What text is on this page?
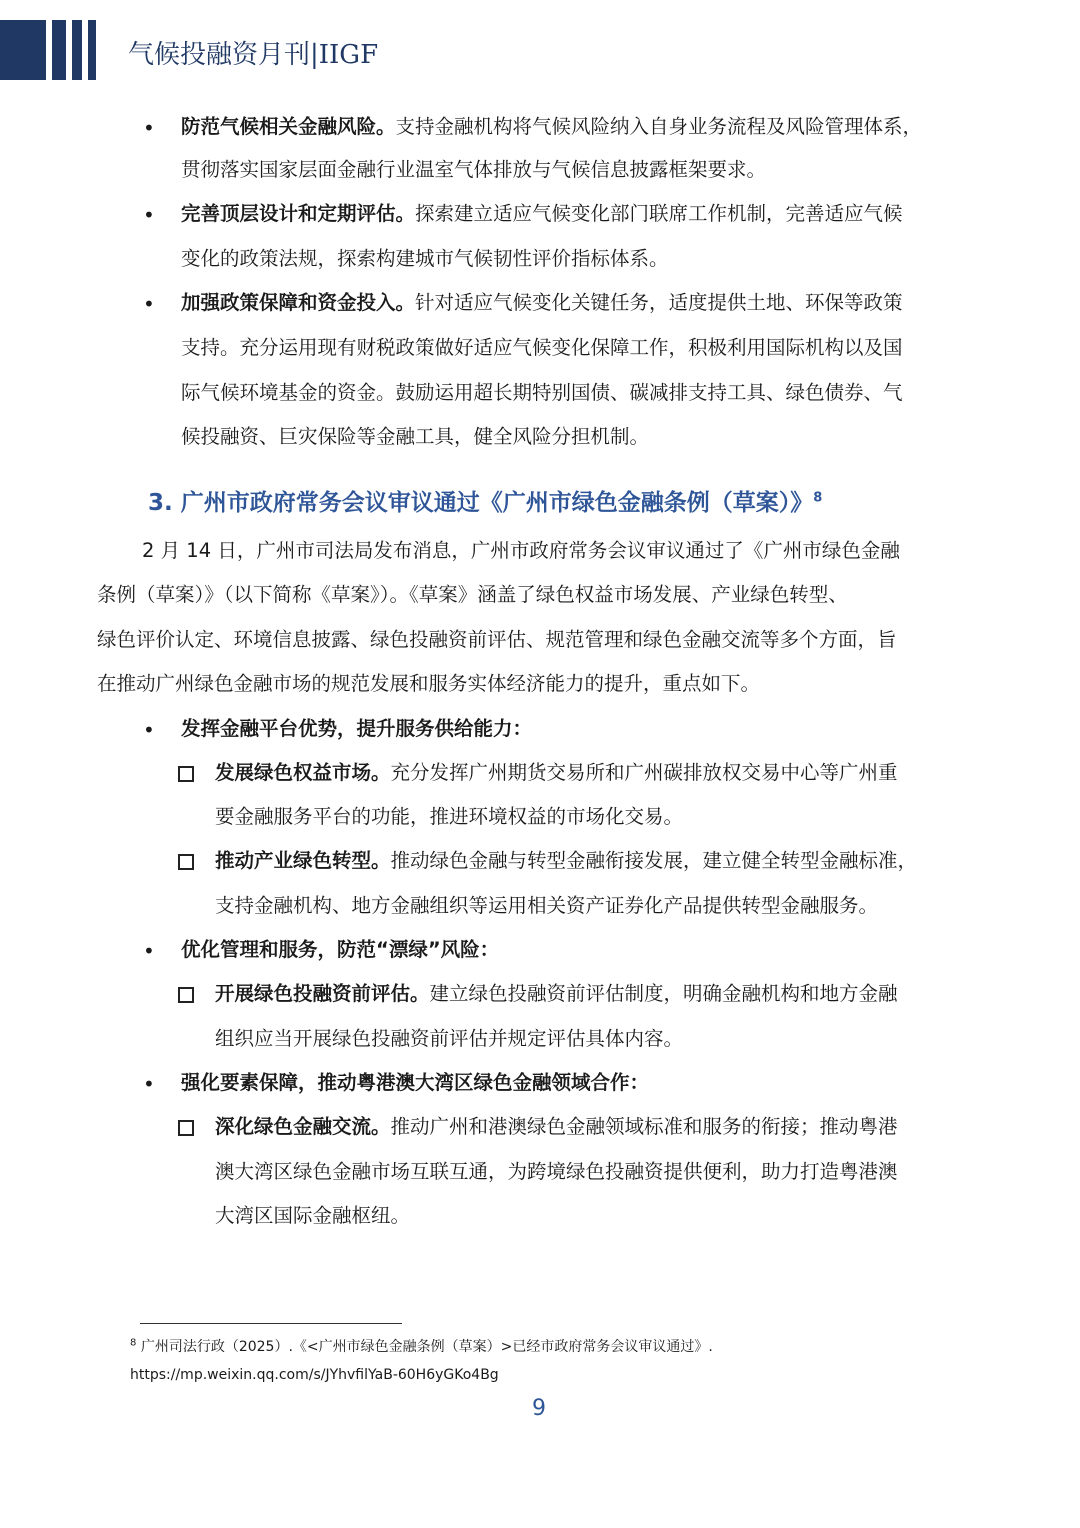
气候投融资月刊|IIGF
• 防范气候相关金融风险。支持金融机构将气候风险纳入自身业务流程及风险管理体系，
贯彻落实国家层面金融行业温室气体排放与气候信息披露框架要求。
• 完善顶层设计和定期评估。探索建立适应气候变化部门联席工作机制，完善适应气候
变化的政策法规，探索构建城市气候韧性评价指标体系。
• 加强政策保障和资金投入。针对适应气候变化关键任务，适度提供土地、环保等政策
支持。充分运用现有财税政策做好适应气候变化保障工作，积极利用国际机构以及国
际气候环境基金的资金。鼓励运用超长期特别国债、碳减排支持工具、绿色债券、气
候投融资、巨灾保险等金融工具，健全风险分担机制。
2 月 14 日，广州市司法局发布消息，广州市政府常务会议审议通过了《广州市绿色金融
条例（草案）》（以下简称《草案》）。《草案》涵盖了绿色权益市场发展、产业绿色转型、
绿色评价认定、环境信息披露、绿色投融资前评估、规范管理和绿色金融交流等多个方面，旨
在推动广州绿色金融市场的规范发展和服务实体经济能力的提升，重点如下。
• 发挥金融平台优势，提升服务供给能力：
发展绿色权益市场。充分发挥广州期货交易所和广州碳排放权交易中心等广州重
要金融服务平台的功能，推进环境权益的市场化交易。
推动产业绿色转型。推动绿色金融与转型金融衔接发展，建立健全转型金融标准，
支持金融机构、地方金融组织等运用相关资产证券化产品提供转型金融服务。
• 优化管理和服务，防范“漂绿”风险：
开展绿色投融资前评估。建立绿色投融资前评估制度，明确金融机构和地方金融
组织应当开展绿色投融资前评估并规定评估具体内容。
• 强化要素保障，推动粤港澳大湾区绿色金融领域合作：
深化绿色金融交流。推动广州和港澳绿色金融领域标准和服务的衔接；推动粤港
澳大湾区绿色金融市场互联互通，为跨境绿色投融资提供便利，助力打造粤港澳
大湾区国际金融枢纽。
3. 广州市政府常务会议审议通过《广州市绿色金融条例（草案）》$^8$
$^8$ 广州司法行政（2025）.《<广州市绿色金融条例（草案）>已经市政府常务会议审议通过》.
https://mp.weixin.qq.com/s/JYhvfilYaB-60H6yGKo4Bg
9
